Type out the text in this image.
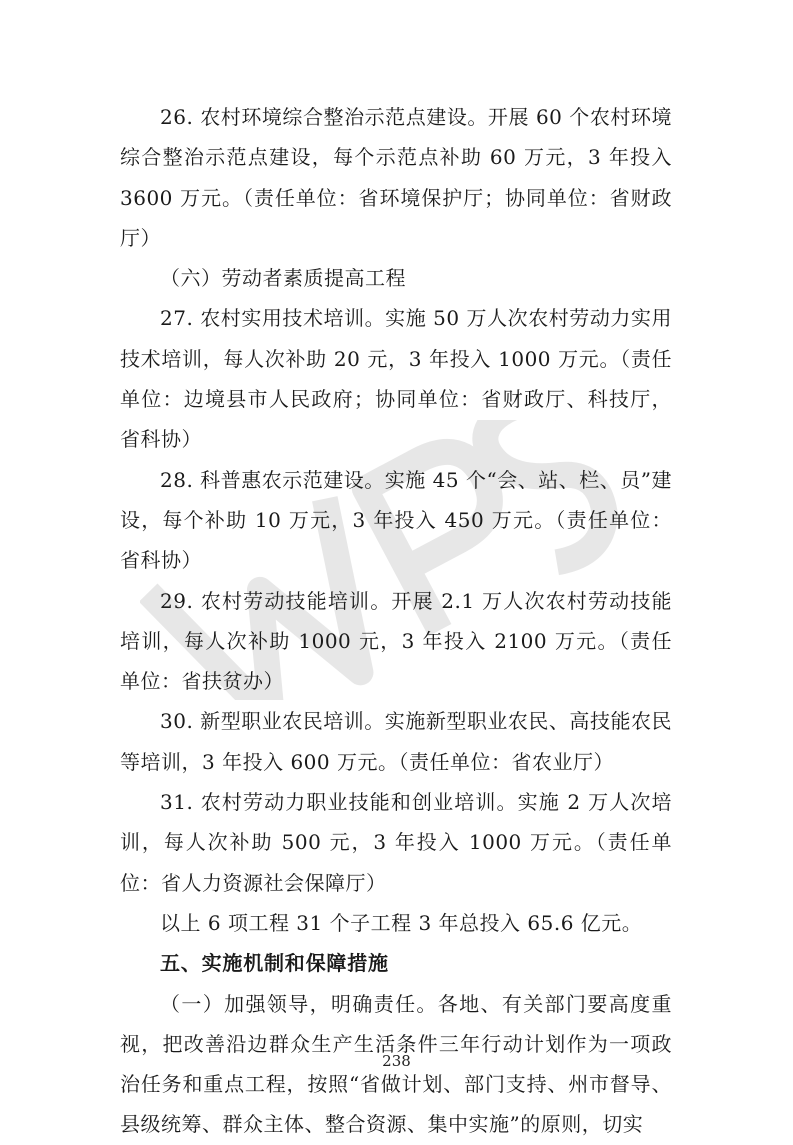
26. 农村环境综合整治示范点建设。开展 60 个农村环境综合整治示范点建设，每个示范点补助 60 万元，3 年投入 3600 万元。（责任单位：省环境保护厅；协同单位：省财政厅）

（六）劳动者素质提高工程

27. 农村实用技术培训。实施 50 万人次农村劳动力实用技术培训，每人次补助 20 元，3 年投入 1000 万元。（责任单位：边境县市人民政府；协同单位：省财政厅、科技厅，省科协）

28. 科普惠农示范建设。实施 45 个“会、站、栏、员”建设，每个补助 10 万元，3 年投入 450 万元。（责任单位：省科协）

29. 农村劳动技能培训。开展 2.1 万人次农村劳动技能培训，每人次补助 1000 元，3 年投入 2100 万元。（责任单位：省扶贫办）

30. 新型职业农民培训。实施新型职业农民、高技能农民等培训，3 年投入 600 万元。（责任单位：省农业厅）

31. 农村劳动力职业技能和创业培训。实施 2 万人次培训，每人次补助 500 元，3 年投入 1000 万元。（责任单位：省人力资源社会保障厅）

以上 6 项工程 31 个子工程 3 年总投入 65.6 亿元。

五、实施机制和保障措施

（一）加强领导，明确责任。各地、有关部门要高度重视，把改善沿边群众生产生活条件三年行动计划作为一项政治任务和重点工程，按照“省做计划、部门支持、州市督导、县级统筹、群众主体、整合资源、集中实施”的原则，切实

238
